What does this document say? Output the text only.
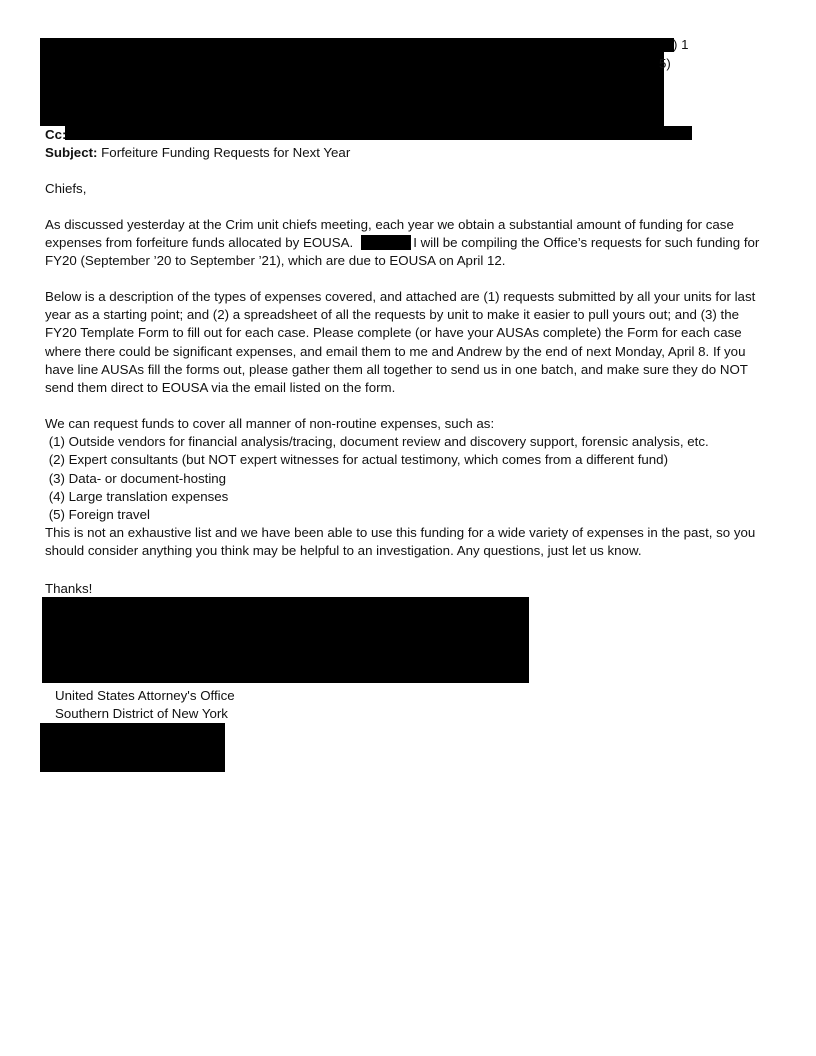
) 1
5)
Cc:
Subject: Forfeiture Funding Requests for Next Year
Chiefs,
As discussed yesterday at the Crim unit chiefs meeting, each year we obtain a substantial amount of funding for case
expenses from forfeiture funds allocated by EOUSA.	I will be compiling the Office’s requests for such funding for
FY20 (September ’20 to September ’21), which are due to EOUSA on April 12.
Below is a description of the types of expenses covered, and attached are (1) requests submitted by all your units for last
year as a starting point; and (2) a spreadsheet of all the requests by unit to make it easier to pull yours out; and (3) the
FY20 Template Form to fill out for each case. Please complete (or have your AUSAs complete) the Form for each case
where there could be significant expenses, and email them to me and Andrew by the end of next Monday, April 8. If you
have line AUSAs fill the forms out, please gather them all together to send us in one batch, and make sure they do NOT
send them direct to EOUSA via the email listed on the form.
We can request funds to cover all manner of non-routine expenses, such as:
(1) Outside vendors for financial analysis/tracing, document review and discovery support, forensic analysis, etc.
(2) Expert consultants (but NOT expert witnesses for actual testimony, which comes from a different fund)
(3) Data- or document-hosting
(4) Large translation expenses
(5) Foreign travel
This is not an exhaustive list and we have been able to use this funding for a wide variety of expenses in the past, so you
should consider anything you think may be helpful to an investigation. Any questions, just let us know.
Thanks!
United States Attorney's Office
Southern District of New York
